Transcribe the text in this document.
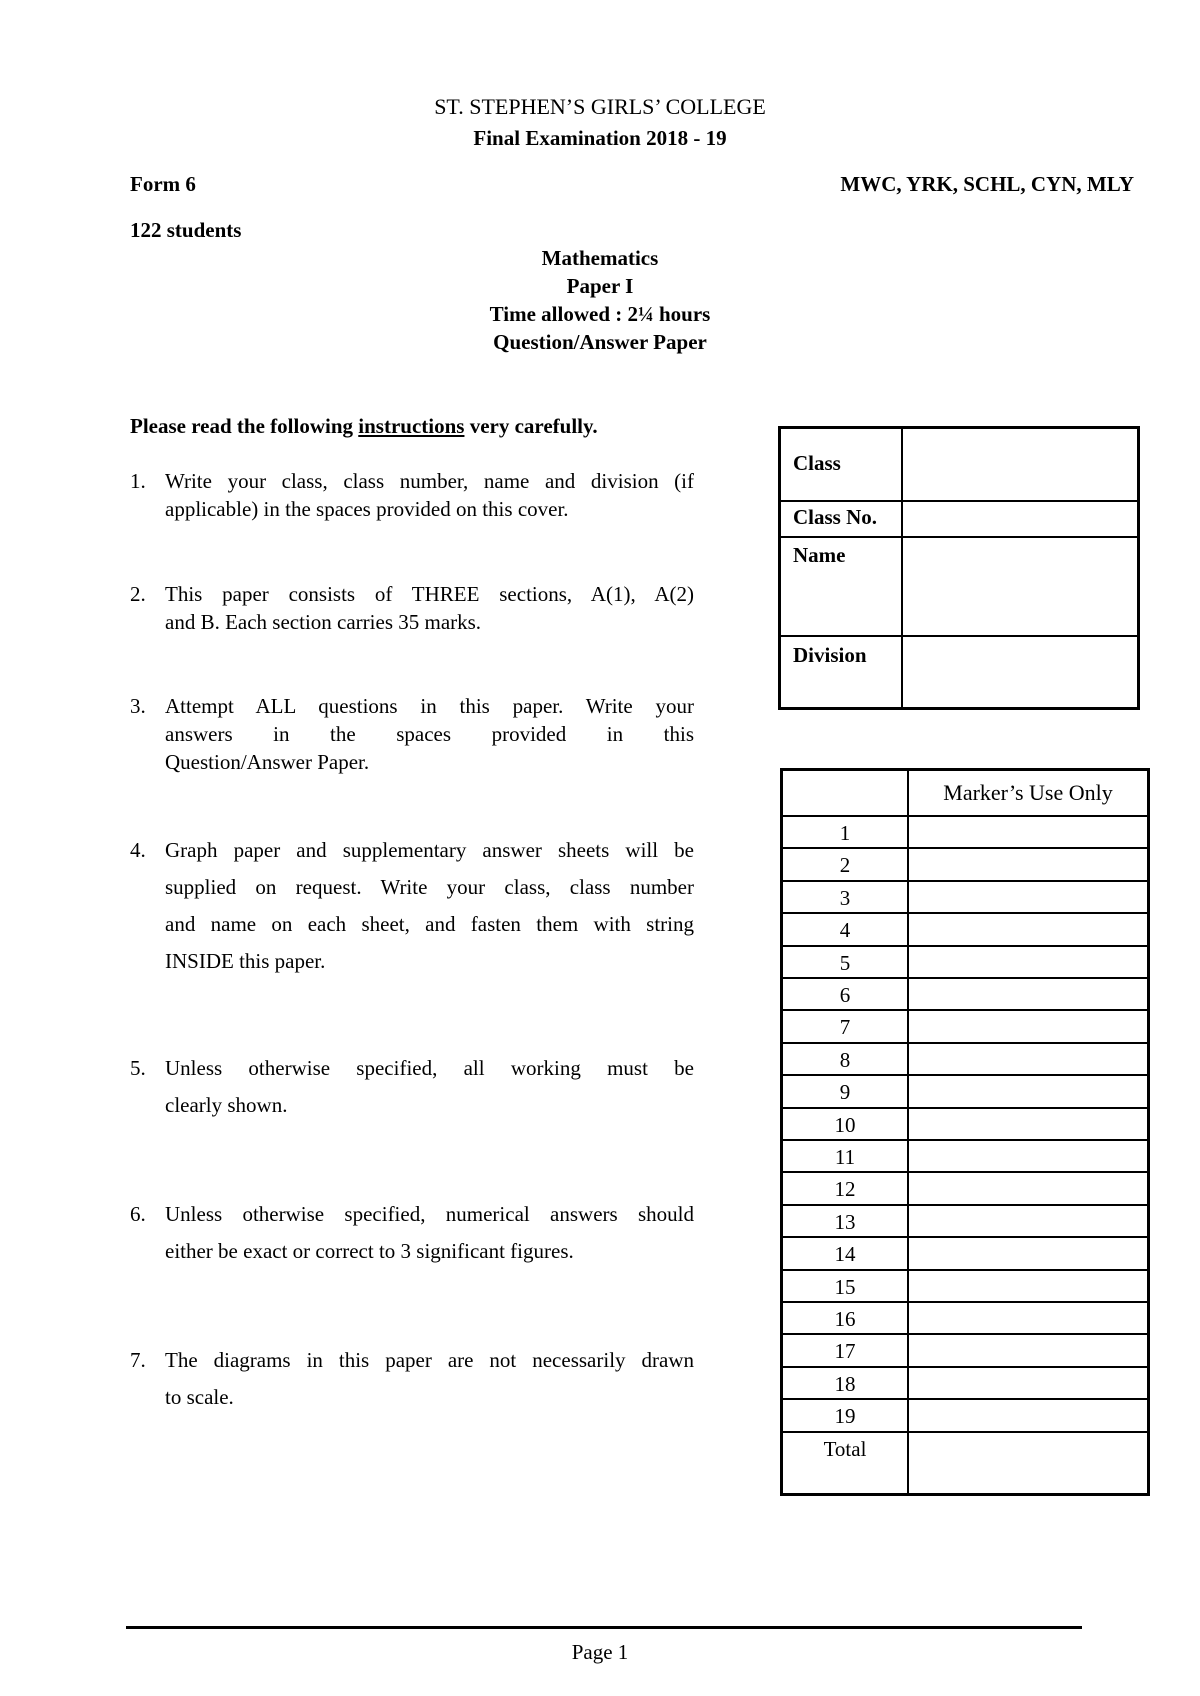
ST. STEPHEN’S GIRLS’ COLLEGE
Final Examination 2018 - 19
Form 6	MWC, YRK, SCHL, CYN, MLY
122 students
Mathematics
Paper I
Time allowed : 2¼ hours
Question/Answer Paper
Please read the following instructions very carefully.
1. Write your class, class number, name and division (if
applicable) in the spaces provided on this cover.
2. This paper consists of THREE sections, A(1), A(2)
and B. Each section carries 35 marks.
3. Attempt ALL questions in this paper. Write your
answers in the spaces provided in this
Question/Answer Paper.
4. Graph paper and supplementary answer sheets will be
supplied on request. Write your class, class number
and name on each sheet, and fasten them with string
INSIDE this paper.
5. Unless otherwise specified, all working must be
clearly shown.
6. Unless otherwise specified, numerical answers should
either be exact or correct to 3 significant figures.
7. The diagrams in this paper are not necessarily drawn
to scale.
Class
Class No.
Name
Division
Marker’s Use Only
1
2
3
4
5
6
7
8
9
10
11
12
13
14
15
16
17
18
19
Total
Page 1
